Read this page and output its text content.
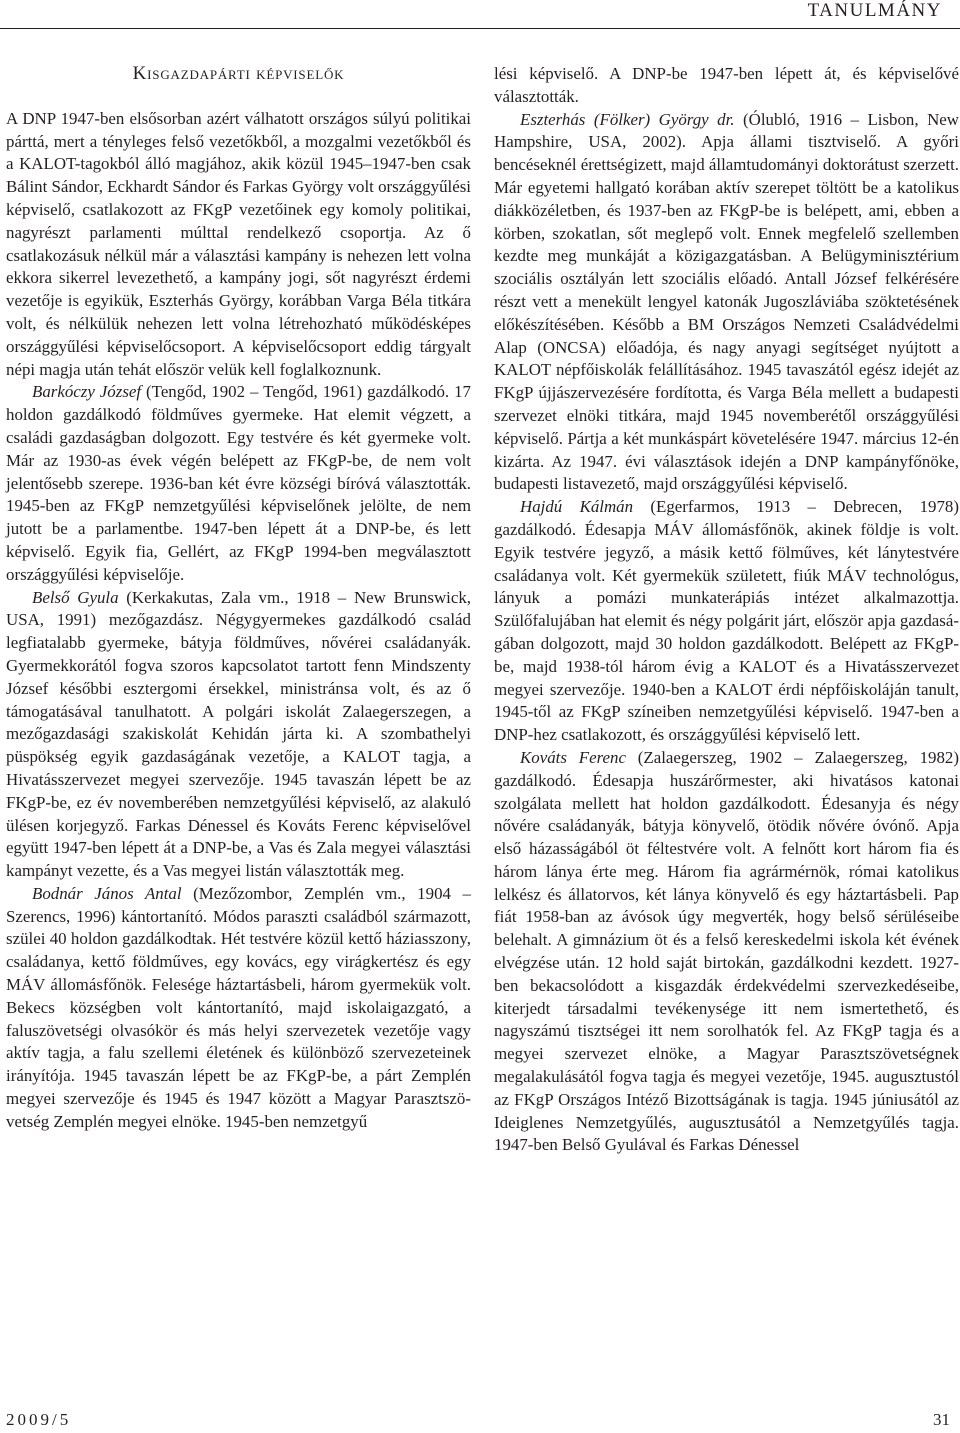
TANULMÁNY
Kisgazdapárti képviselők

A DNP 1947-ben elsősorban azért válhatott országos súlyú politikai párttá, mert a tényleges felső vezetőkből, a mozgalmi vezetőkből és a KALOT-tagokból álló magjához, akik közül 1945–1947-ben csak Bálint Sándor, Eckhardt Sándor és Farkas György volt országgyűlési képviselő, csatlakozott az FKgP vezetőinek egy komoly politikai, nagyrészt parlamenti múlttal rendelkező csoportja. Az ő csatlakozásuk nélkül már a választási kampány is nehezen lett volna ekkora sikerrel levezethető, a kampány jogi, sőt nagyrészt érdemi vezetője is egyikük, Eszterhás György, korábban Varga Béla titkára volt, és nélkülük nehezen lett volna létrehozható működésképes országgyűlési képviselőcsoport. A képviselőcsoport eddig tárgyalt népi magja után tehát először velük kell foglalkoznunk.

Barkóczy József (Tengőd, 1902 – Tengőd, 1961) gazdálkodó. 17 holdon gazdálkodó földműves gyermeke. Hat elemit végzett, a családi gazdaságban dolgozott. Egy testvére és két gyermeke volt. Már az 1930-as évek végén belépett az FKgP-be, de nem volt jelentősebb szerepe. 1936-ban két évre községi bíróvá választották. 1945-ben az FKgP nemzetgyűlési képviselőnek jelölte, de nem jutott be a parlamentbe. 1947-ben lépett át a DNP-be, és lett képviselő. Egyik fia, Gellért, az FKgP 1994-ben megválasztott országgyűlési képviselője.

Belső Gyula (Kerkakutas, Zala vm., 1918 – New Brunswick, USA, 1991) mezőgazdász. Négygyermekes gazdálkodó család legfiatalabb gyermeke, bátyja földműves, nővérei családanyák. Gyermekkorától fogva szoros kapcsolatot tartott fenn Mindszenty József későbbi esztergomi érsekkel, ministránsa volt, és az ő támogatásával tanulhatott. A polgári iskolát Zalaegerszegen, a mezőgazdasági szakiskolát Kehidán járta ki. A szombathelyi püspökség egyik gazdaságának vezetője, a KALOT tagja, a Hivatásszervezet megyei szervezője. 1945 tavaszán lépett be az FKgP-be, ez év novemberében nemzetgyűlési képviselő, az alakuló ülésen korjegyző. Farkas Dénessel és Kováts Ferenc képviselővel együtt 1947-ben lépett át a DNP-be, a Vas és Zala megyei választási kampányt vezette, és a Vas megyei listán választották meg.

Bodnár János Antal (Mezőzombor, Zemplén vm., 1904 – Szerencs, 1996) kántortanító. Módos paraszti családból származott, szülei 40 holdon gazdálkodtak. Hét testvére közül kettő háziasszony, családanya, kettő földműves, egy kovács, egy virágkertész és egy MÁV állomásfőnök. Felesége háztartásbeli, három gyermekük volt. Bekecs községben volt kántortanító, majd iskolaigazgató, a faluszövetségi olvasókör és más helyi szervezetek vezetője vagy aktív tagja, a falu szellemi életének és különböző szervezeteinek irányítója. 1945 tavaszán lépett be az FKgP-be, a párt Zemplén megyei szervezője és 1945 és 1947 között a Magyar Parasztszövetség Zemplén megyei elnöke. 1945-ben nemzetgyű

lési képviselő. A DNP-be 1947-ben lépett át, és képviselővé választották.

Eszterhás (Fölker) György dr. (Ólubló, 1916 – Lisbon, New Hampshire, USA, 2002). Apja állami tisztviselő. A győri bencéseknél érettségizett, majd államtudományi doktorátust szerzett. Már egyetemi hallgató korában aktív szerepet töltött be a katolikus diákközéletben, és 1937-ben az FKgP-be is belépett, ami, ebben a körben, szokatlan, sőt meglepő volt. Ennek megfelelő szellemben kezdte meg munkáját a közigazgatásban. A Belügyminisztérium szociális osztályán lett szociális előadó. Antall József felkérésére részt vett a menekült lengyel katonák Jugoszláviába szöktetésének előkészítésében. Később a BM Országos Nemzeti Családvédelmi Alap (ONCSA) előadója, és nagy anyagi segítséget nyújtott a KALOT népfőiskolák felállításához. 1945 tavaszától egész idejét az FKgP újjászervezésére fordította, és Varga Béla mellett a budapesti szervezet elnöki titkára, majd 1945 novemberétől országgyűlési képviselő. Pártja a két munkáspárt követelésére 1947. március 12-én kizárta. Az 1947. évi választások idején a DNP kampányfőnöke, budapesti listavezető, majd országgyűlési képviselő.

Hajdú Kálmán (Egerfarmos, 1913 – Debrecen, 1978) gazdálkodó. Édesapja MÁV állomásfőnök, akinek földje is volt. Egyik testvére jegyző, a másik kettő fölműves, két lánytestvére családanya volt. Két gyermekük született, fiúk MÁV technológus, lányuk a pomázi munkaterápiás intézet alkalmazottja. Szülőfalujában hat elemit és négy polgárit járt, először apja gazdaságában dolgozott, majd 30 holdon gazdálkodott. Belépett az FKgP-be, majd 1938-tól három évig a KALOT és a Hivatásszervezet megyei szervezője. 1940-ben a KALOT érdi népfőiskoláján tanult, 1945-től az FKgP színeiben nemzetgyűlési képviselő. 1947-ben a DNP-hez csatlakozott, és országgyűlési képviselő lett.

Kováts Ferenc (Zalaegerszeg, 1902 – Zalaegerszeg, 1982) gazdálkodó. Édesapja huszárőrmester, aki hivatásos katonai szolgálata mellett hat holdon gazdálkodott. Édesanyja és négy nővére családanyák, bátyja könyvelő, ötödik nővére óvónő. Apja első házasságából öt féltestvére volt. A felnőtt kort három fia és három lánya érte meg. Három fia agrármérnök, római katolikus lelkész és állatorvos, két lánya könyvelő és egy háztartásbeli. Pap fiát 1958-ban az ávósok úgy megverték, hogy belső sérüléseibe belehalt. A gimnázium öt és a felső kereskedelmi iskola két évének elvégzése után. 12 hold saját birtokán, gazdálkodni kezdett. 1927-ben bekacsolódott a kisgazdák érdekvédelmi szervezkedéseibe, kiterjedt társadalmi tevékenysége itt nem ismertethető, és nagyszámú tisztségei itt nem sorolhatók fel. Az FKgP tagja és a megyei szervezet elnöke, a Magyar Parasztszövetségnek megalakulásától fogva tagja és megyei vezetője, 1945. augusztustól az FKgP Országos Intéző Bizottságának is tagja. 1945 júniusától az Ideiglenes Nemzetgyűlés, augusztusától a Nemzetgyűlés tagja. 1947-ben Belső Gyulával és Farkas Dénessel

2009/5	31
